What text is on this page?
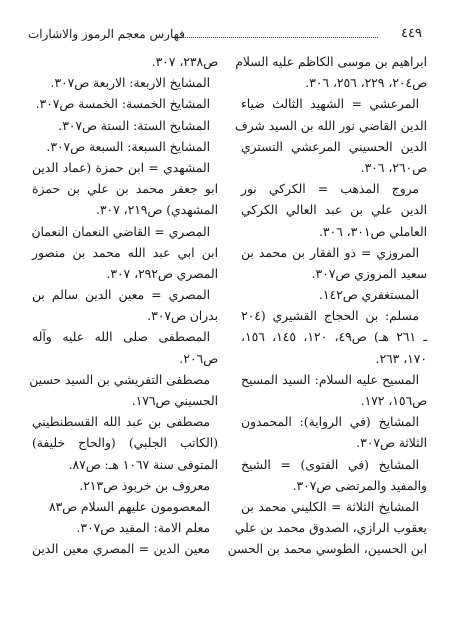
٤٤٩
فهارس معجم الرموز والاشارات
ابراهيم بن موسى الكاظم عليه السلام
ص٢٠٤، ٢٢٩، ٢٥٦، ٣٠٦.
المرعشي = الشهيد الثالث ضياء
الدين القاضي نور الله بن السيد شرف
الدين الحسيني المرعشي التستري
ص٢٦٠، ٣٠٦.
مروج المذهب = الكركي نور
الدين علي بن عبد العالي الكركي
العاملي ص٣٠١، ٣٠٦.
المروزي = ذو الفقار بن محمد بن
سعيد المروزي ص٣٠٧.
المستغفري ص١٤٢.
مسلم: بن الحجاج القشيري (٢٠٤
ـ ٢٦١ هـ) ص٤٩، ١٢٠، ١٤٥، ١٥٦،
١٧٠، ٢٦٣.
المسيح عليه السلام: السيد المسيح
ص١٥٦، ١٧٢.
المشايخ (في الرواية): المحمدون
الثلاثة ص٣٠٧.
المشايخ (في الفتوى) = الشيخ
والمفيد والمرتضى ص٣٠٧.
المشايخ الثلاثة = الكليني محمد بن
يعقوب الرازي، الصدوق محمد بن علي
ابن الحسين، الطوسي محمد بن الحسن
ص٢٣٨، ٣٠٧.
المشايخ الاربعة: الاربعة ص٣٠٧.
المشايخ الخمسة: الخمسة ص٣٠٧.
المشايخ الستة: الستة ص٣٠٧.
المشايخ السبعة: السبعة ص٣٠٧.
المشهدي = ابن حمزة (عماد الدين
ابو جعفر محمد بن علي بن حمزة
المشهدي) ص٢١٩، ٣٠٧.
المصري = القاضي النعمان النعمان
ابن ابي عبد الله محمد بن منصور
المصري ص٢٩٢، ٣٠٧.
المصري = معين الدين سالم بن
بدران ص٣٠٧.
المصطفى صلى الله عليه وآله
ص٢٠٦.
مصطفى التفريشي بن السيد حسين
الحسيني ص١٧٦.
مصطفى بن عبد الله القسطنطيني
(الكاتب الجلبي) (والحاج خليفة)
المتوفى سنة ١٠٦٧ هـ: ص٨٧.
معروف بن خربوذ ص٢١٣.
المعصومون عليهم السلام ص٨٣
معلم الامة: المفيد ص٣٠٧.
معين الدين = المصري معين الدين
